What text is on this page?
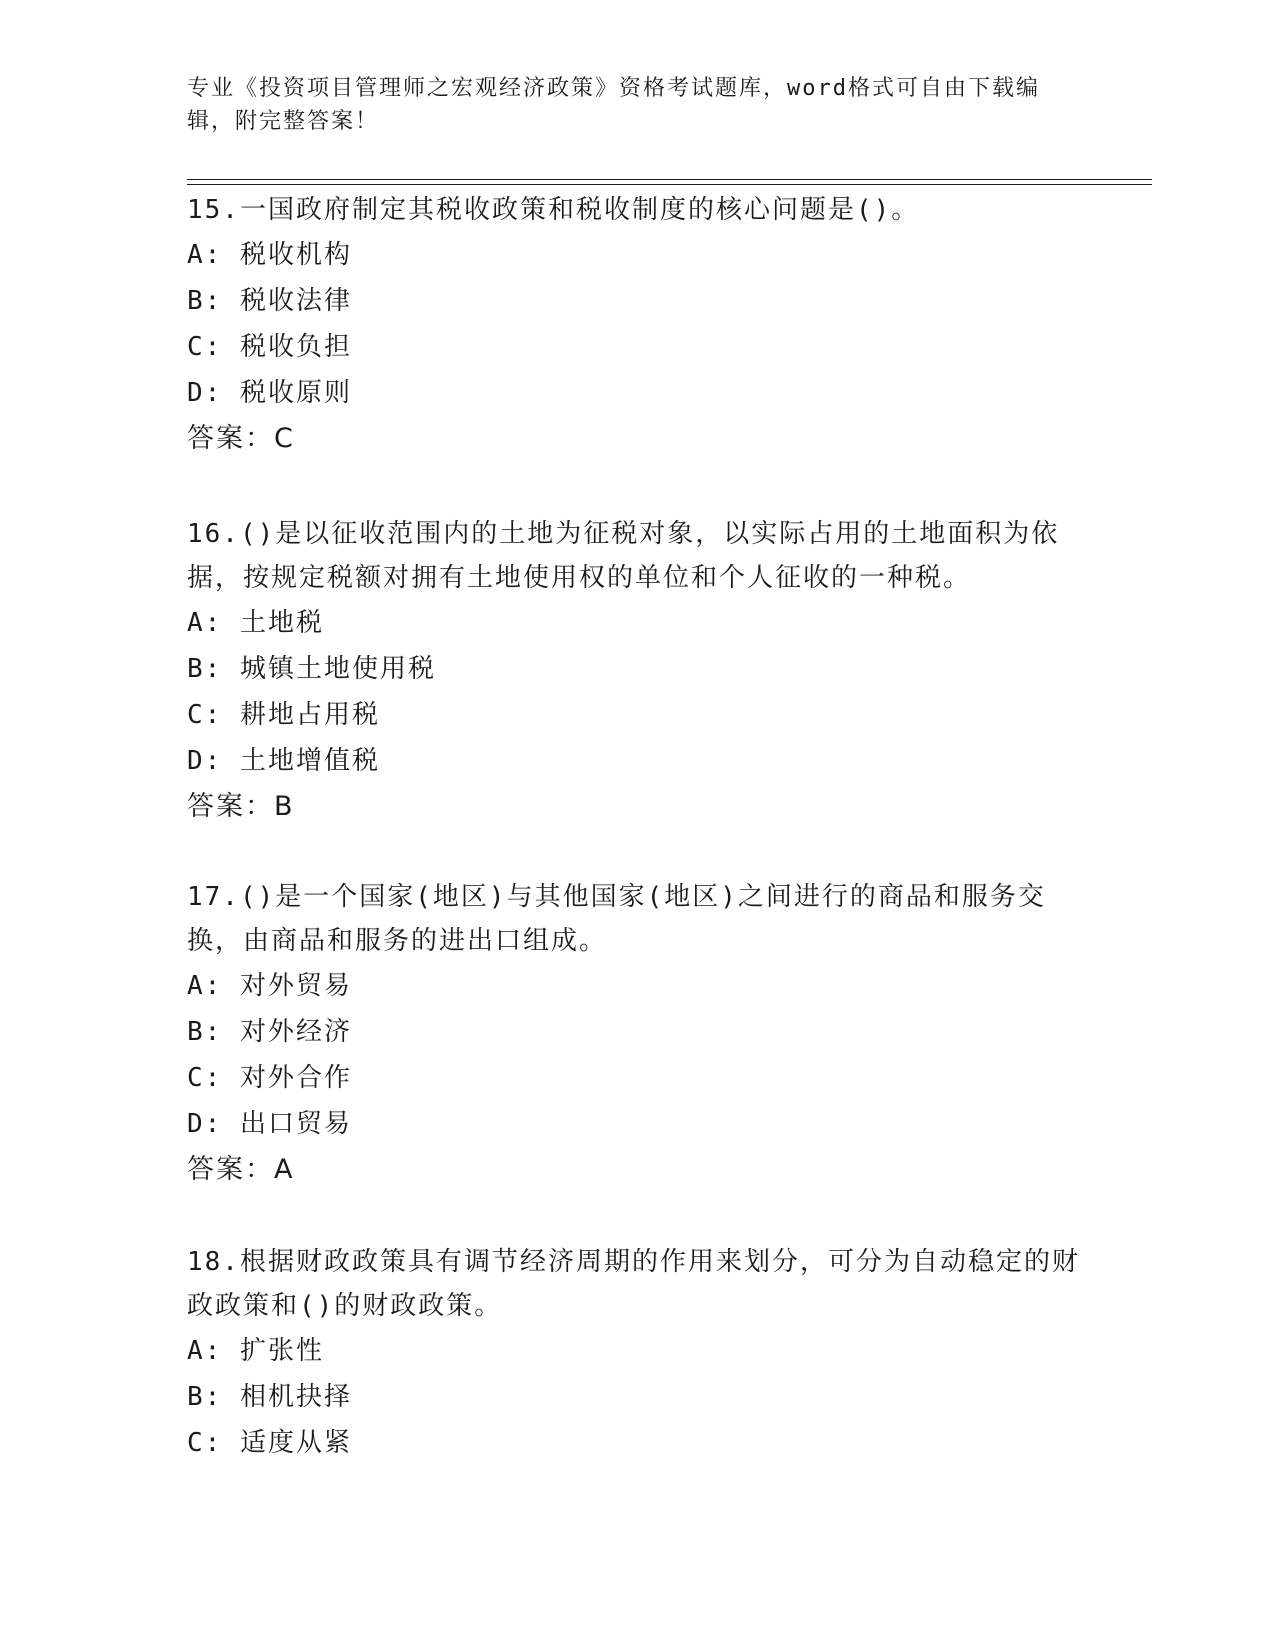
专业《投资项目管理师之宏观经济政策》资格考试题库，word格式可自由下载编辑，附完整答案！

15.一国政府制定其税收政策和税收制度的核心问题是()。

A: 税收机构

B: 税收法律

C: 税收负担

D: 税收原则

答案：C

16.()是以征收范围内的土地为征税对象，以实际占用的土地面积为依据，按规定税额对拥有土地使用权的单位和个人征收的一种税。

A: 土地税

B: 城镇土地使用税

C: 耕地占用税

D: 土地增值税

答案：B

17.()是一个国家(地区)与其他国家(地区)之间进行的商品和服务交换，由商品和服务的进出口组成。

A: 对外贸易

B: 对外经济

C: 对外合作

D: 出口贸易

答案：A

18.根据财政政策具有调节经济周期的作用来划分，可分为自动稳定的财政政策和()的财政政策。

A: 扩张性

B: 相机抉择

C: 适度从紧
